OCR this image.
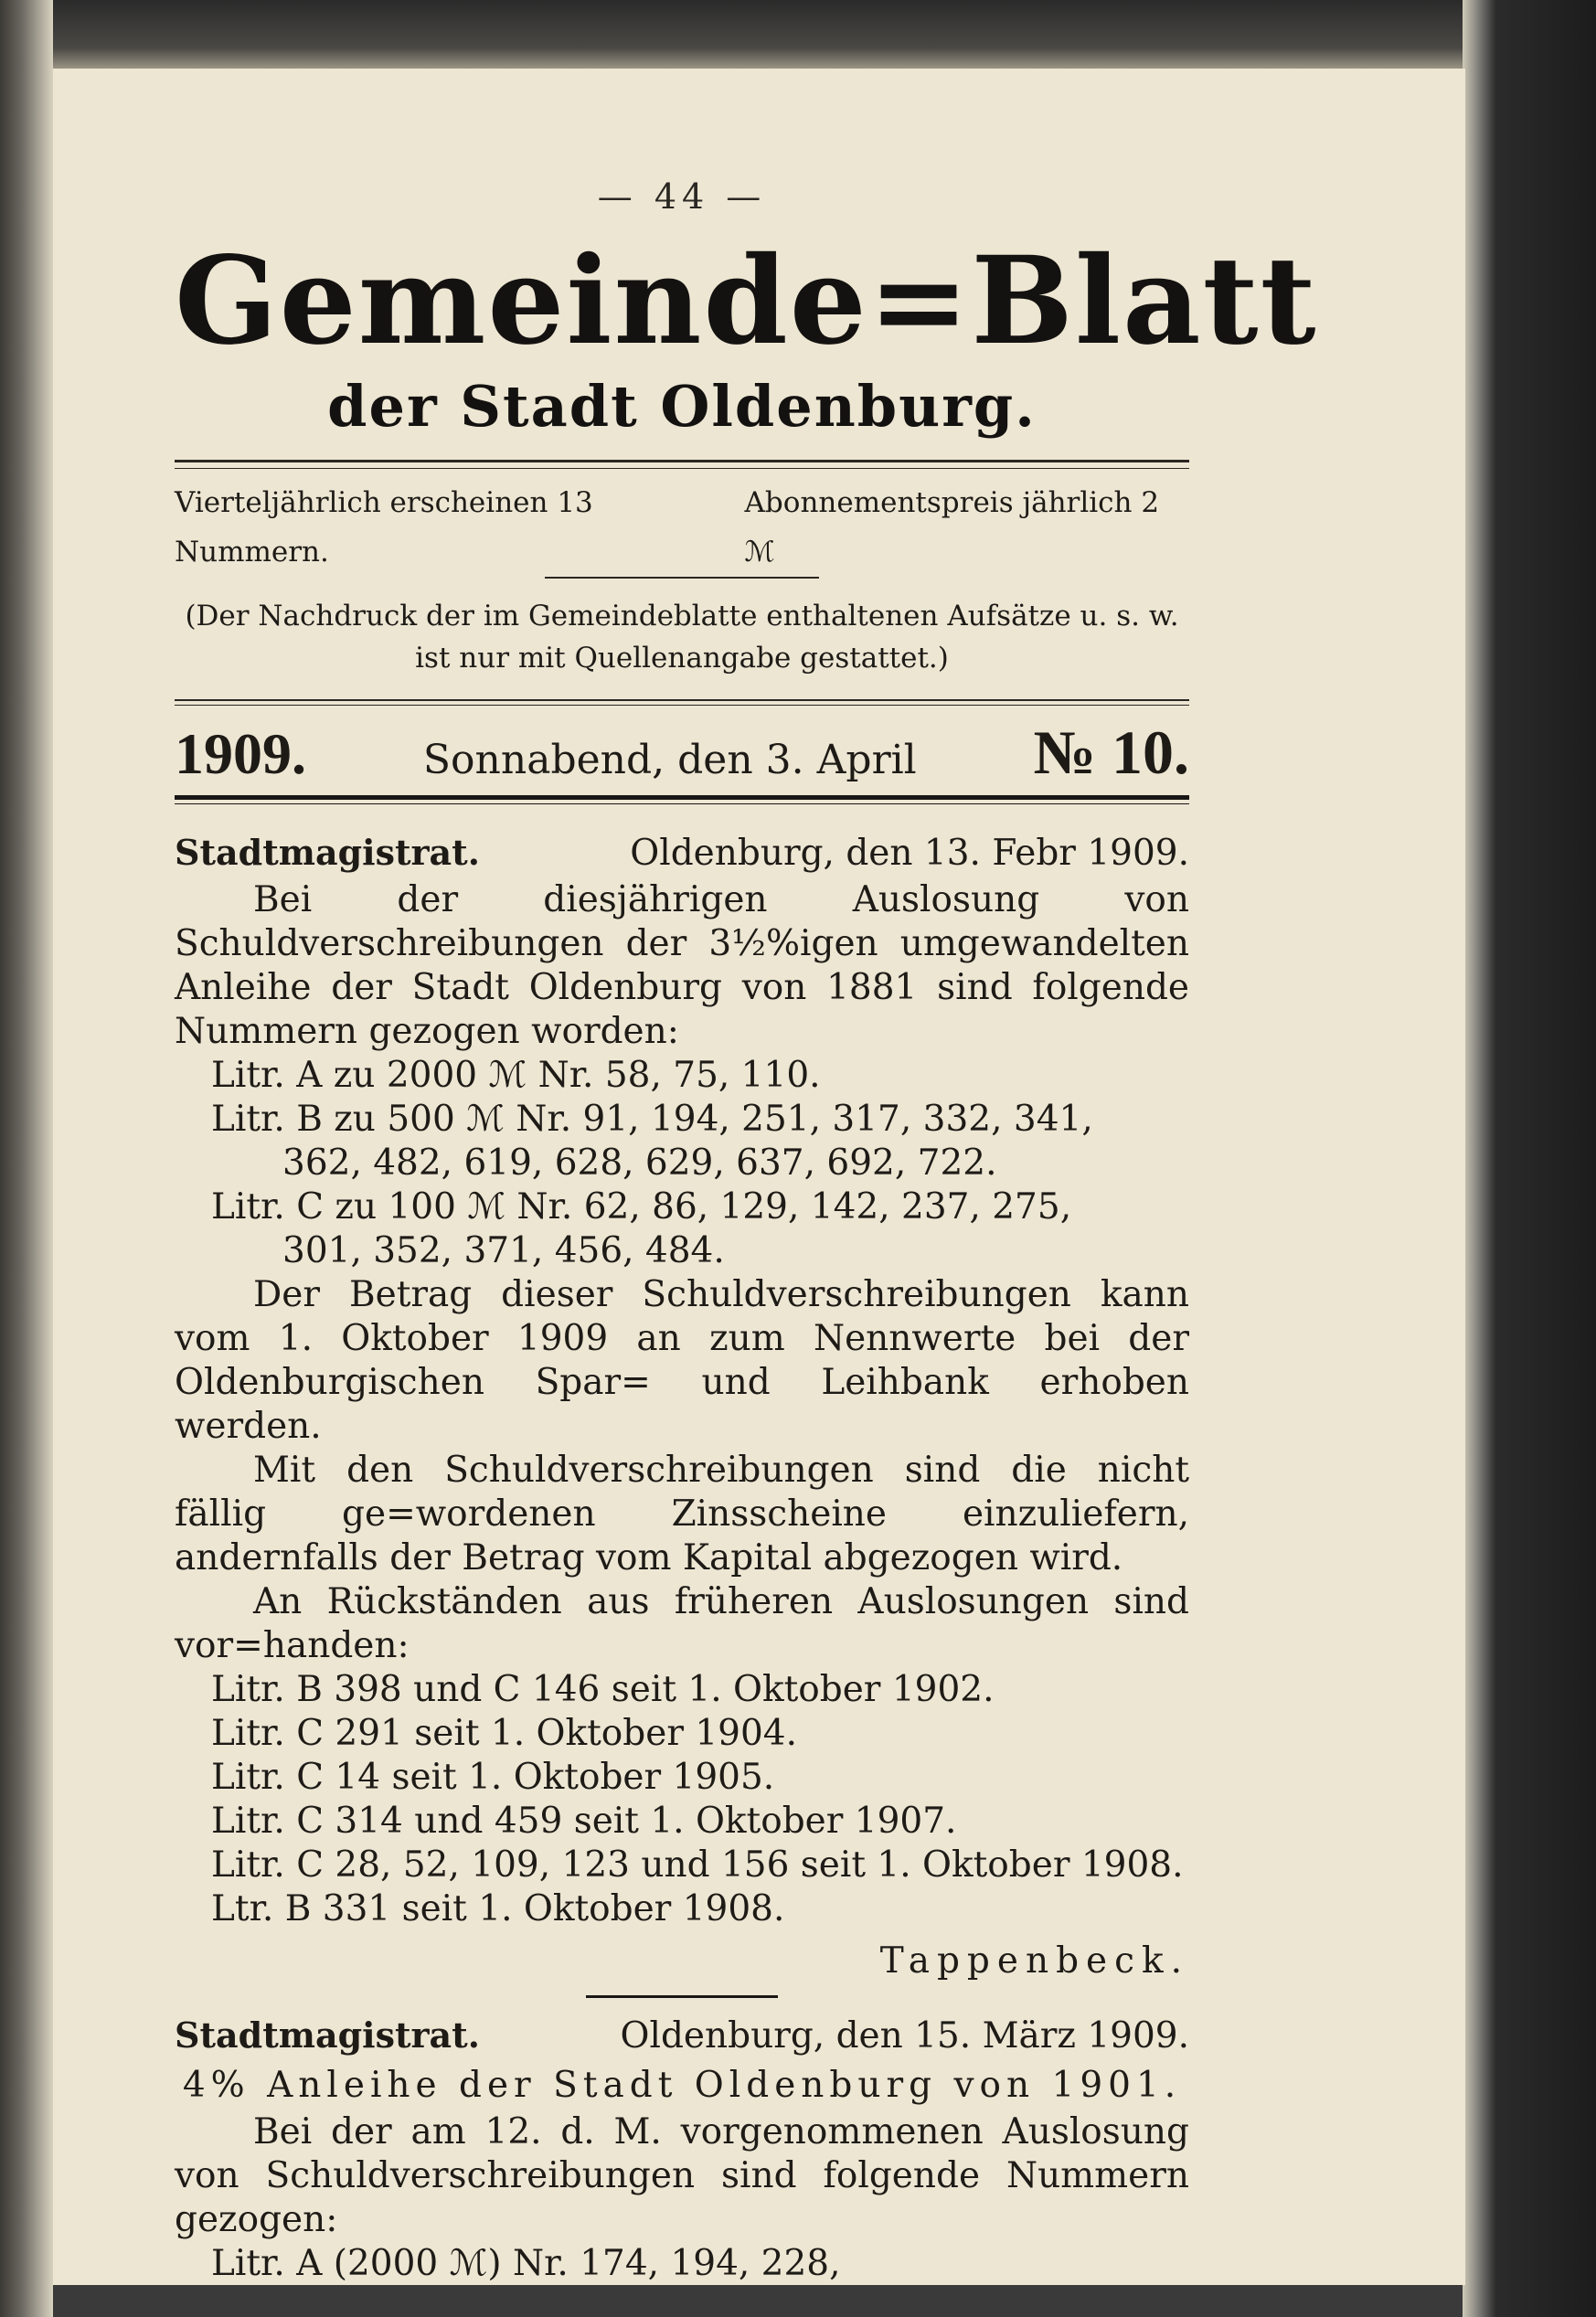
— 44 —
Gemeinde=Blatt
der Stadt Oldenburg.
Vierteljährlich erscheinen 13 Nummern.
Abonnementspreis jährlich 2 ℳ
(Der Nachdruck der im Gemeindeblatte enthaltenen Aufsätze u. s. w.
ist nur mit Quellenangabe gestattet.)
1909.	Sonnabend, den 3. April № 10.
Stadtmagistrat.	Oldenburg, den 13. Febr 1909.

Bei der diesjährigen Auslosung von Schuldverschreibungen der 3½%igen umgewandelten Anleihe der Stadt Oldenburg von 1881 sind folgende Nummern gezogen worden:

Litr. A zu 2000 ℳ Nr. 58, 75, 110.

Litr. B zu 500 ℳ Nr. 91, 194, 251, 317, 332, 341,

362, 482, 619, 628, 629, 637, 692, 722.

Litr. C zu 100 ℳ Nr. 62, 86, 129, 142, 237, 275,

301, 352, 371, 456, 484.

Der Betrag dieser Schuldverschreibungen kann vom 1. Oktober 1909 an zum Nennwerte bei der Oldenburgischen Spar= und Leihbank erhoben werden.

Mit den Schuldverschreibungen sind die nicht fällig ge=wordenen Zinsscheine einzuliefern, andernfalls der Betrag vom Kapital abgezogen wird.

An Rückständen aus früheren Auslosungen sind vor=handen:

Litr. B 398 und C 146 seit 1. Oktober 1902.

Litr. C 291 seit 1. Oktober 1904.

Litr. C 14 seit 1. Oktober 1905.

Litr. C 314 und 459 seit 1. Oktober 1907.

Litr. C 28, 52, 109, 123 und 156 seit 1. Oktober 1908.

Ltr. B 331 seit 1. Oktober 1908.

Tappenbeck.
Stadtmagistrat.	Oldenburg, den 15. März 1909.

4% Anleihe der Stadt Oldenburg von 1901.

Bei der am 12. d. M. vorgenommenen Auslosung von Schuldverschreibungen sind folgende Nummern gezogen:

Litr. A (2000 ℳ) Nr. 174, 194, 228,
